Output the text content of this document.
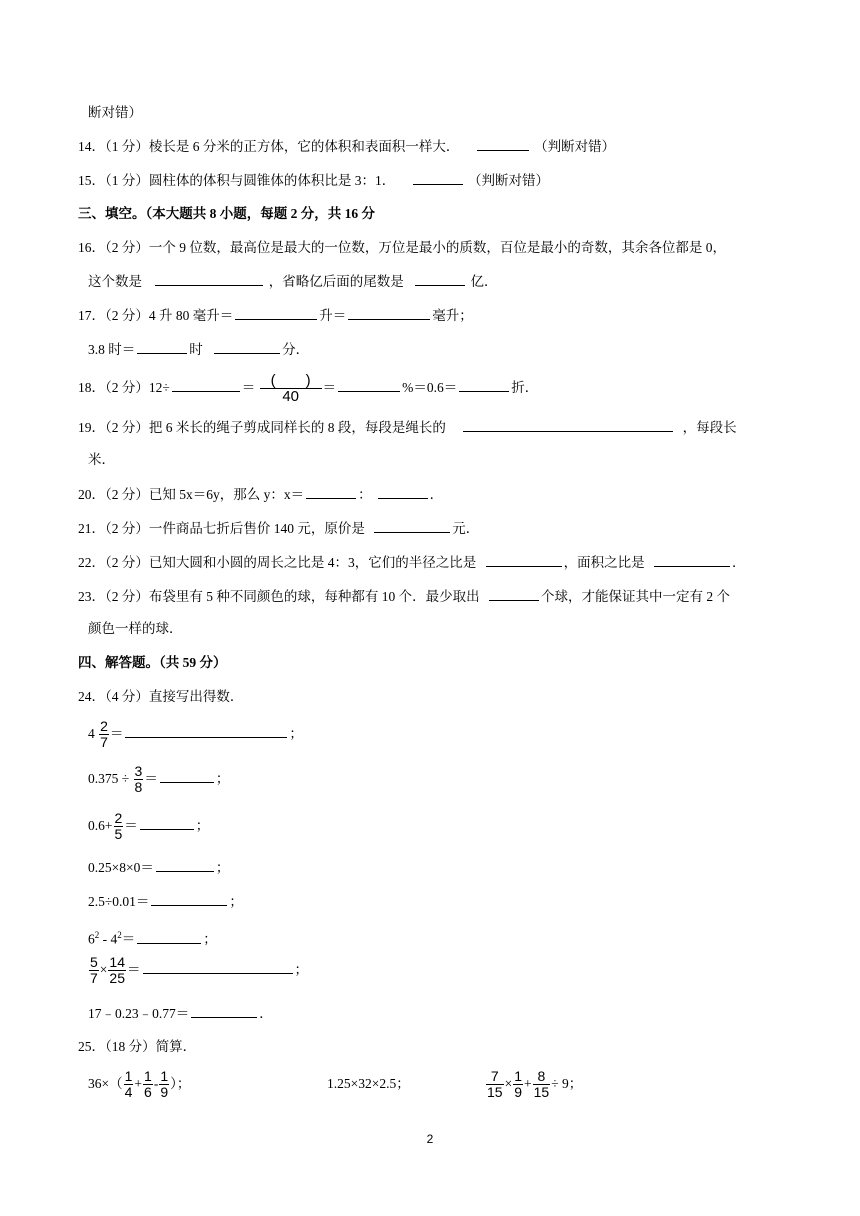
断对错）
14．（1 分）棱长是 6 分米的正方体，它的体积和表面积一样大．	（判断对错）
15．（1 分）圆柱体的体积与圆锥体的体积比是 3：1．	（判断对错）
三、填空。（本大题共 8 小题，每题 2 分，共 16 分
16．（2 分）一个 9 位数，最高位是最大的一位数，万位是最小的质数，百位是最小的奇数，其余各位都是 0，
这个数是	，省略亿后面的尾数是	亿．
17．（2 分）4 升 80 毫升＝	升＝	毫升；
3.8 时＝	时	分．
18．（2 分）12÷	＝ $\frac{( )}{40}$ ＝	%＝0.6＝	折．
19．（2 分）把 6 米长的绳子剪成同样长的 8 段，每段是绳长的	，每段长
米．
20．（2 分）已知 5x＝6y，那么 y：x＝	：	．
21．（2 分）一件商品七折后售价 140 元，原价是	元．
22．（2 分）已知大圆和小圆的周长之比是 4：3，它们的半径之比是	，面积之比是	．
23．（2 分）布袋里有 5 种不同颜色的球，每种都有 10 个．最少取出	个球，才能保证其中一定有 2 个
颜色一样的球．
四、解答题。（共 59 分）
24．（4 分）直接写出得数．
$4 \frac{2}{7}$ ＝	；
$0.375 \div \frac{3}{8}$ ＝	；
$0.6+ \frac{2}{5}$ ＝	；
0.25×8×0＝	；
2.5÷0.01＝	；
$6^2 - 4^2=$	；
$\frac{5}{7} \times \frac{14}{25}$ ＝	；
17﹣0.23﹣0.77＝	．
25．（18 分）简算．
$36\times( \frac{1}{4} + \frac{1}{6} - \frac{1}{9}$ ）；	1.25×32×2.5；	$\frac{7}{15} \times \frac{1}{9} + \frac{8}{15} \div 9$；
2
